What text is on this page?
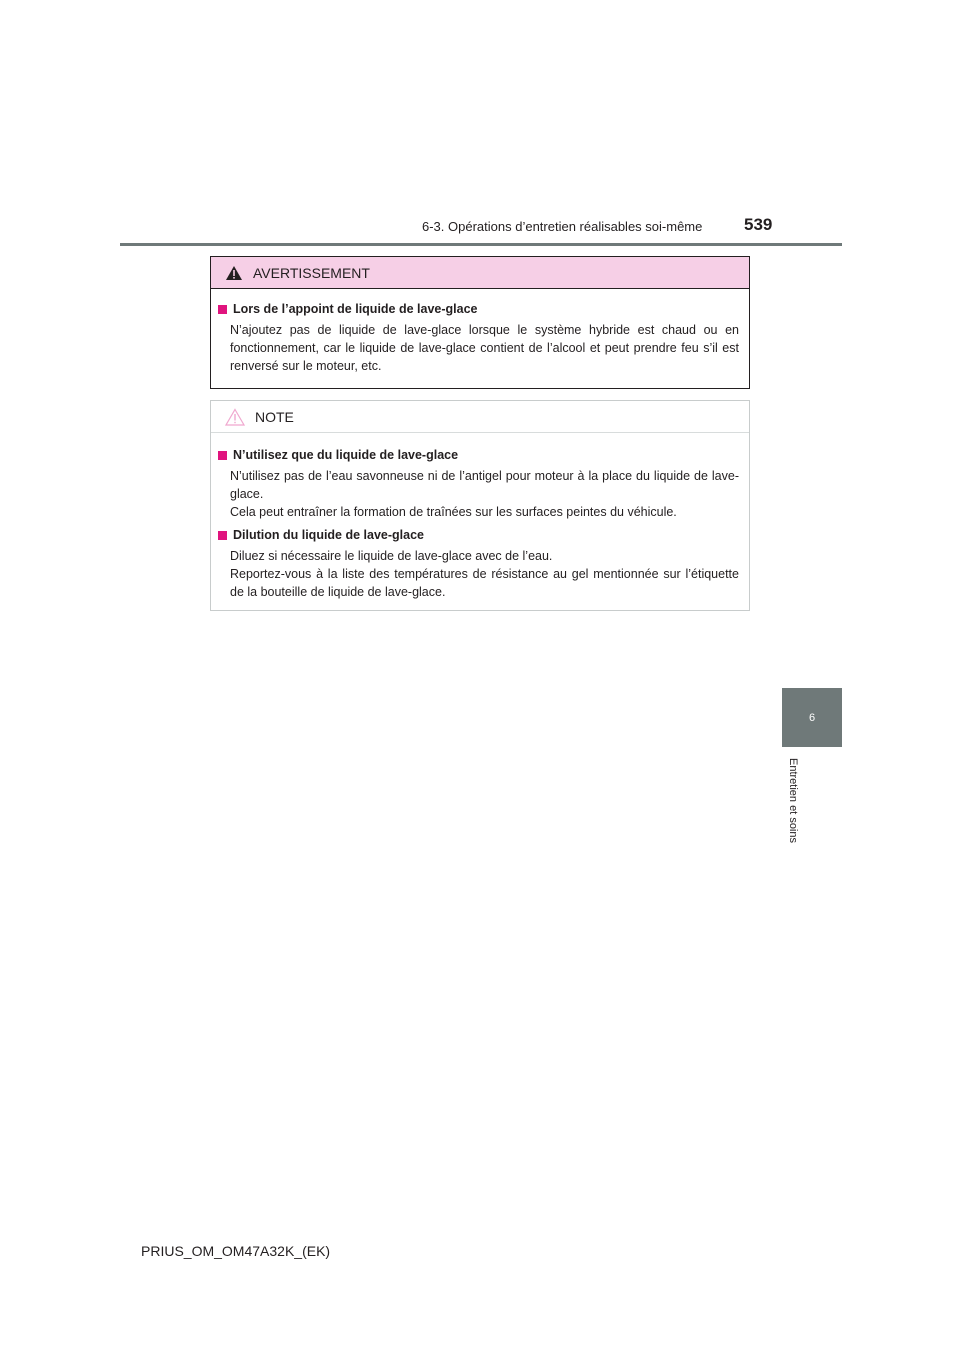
6-3. Opérations d’entretien réalisables soi-même 539
6
Entretien et soins
AVERTISSEMENT
Lors de l’appoint de liquide de lave-glace
N’ajoutez pas de liquide de lave-glace lorsque le système hybride est chaud ou en fonctionnement, car le liquide de lave-glace contient de l’alcool et peut prendre feu s’il est renversé sur le moteur, etc.
NOTE
N’utilisez que du liquide de lave-glace
N’utilisez pas de l’eau savonneuse ni de l’antigel pour moteur à la place du liquide de lave-glace.
Cela peut entraîner la formation de traînées sur les surfaces peintes du véhicule.
Dilution du liquide de lave-glace
Diluez si nécessaire le liquide de lave-glace avec de l’eau.
Reportez-vous à la liste des températures de résistance au gel mentionnée sur l’étiquette de la bouteille de liquide de lave-glace.
PRIUS_OM_OM47A32K_(EK)
